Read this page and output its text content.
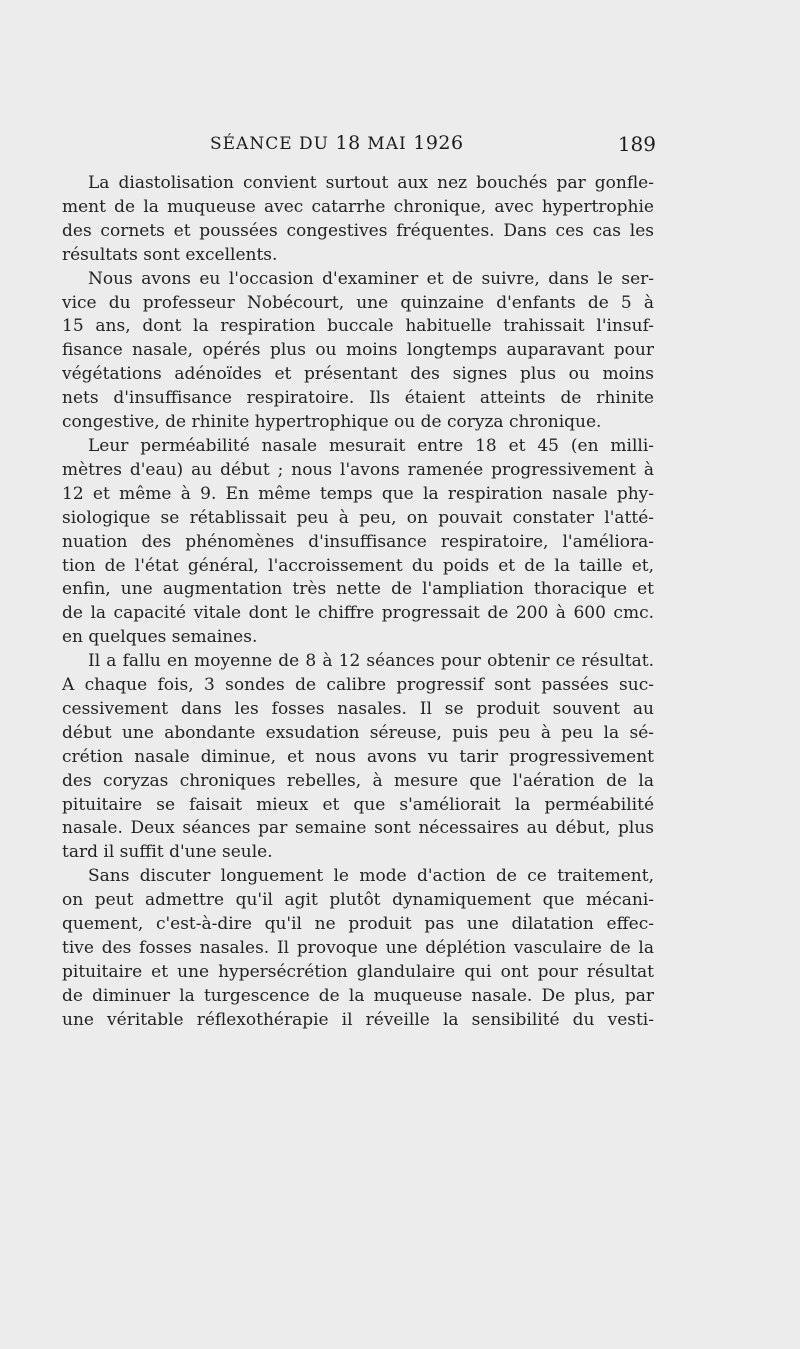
SÉANCE DU 18 MAI 1926	189
La diastolisation convient surtout aux nez bouchés par gonfle-
ment de la muqueuse avec catarrhe chronique, avec hypertrophie
des cornets et poussées congestives fréquentes. Dans ces cas les
résultats sont excellents.
Nous avons eu l'occasion d'examiner et de suivre, dans le ser-
vice du professeur Nobécourt, une quinzaine d'enfants de 5 à
15 ans, dont la respiration buccale habituelle trahissait l'insuf-
fisance nasale, opérés plus ou moins longtemps auparavant pour
végétations adénoïdes et présentant des signes plus ou moins
nets d'insuffisance respiratoire. Ils étaient atteints de rhinite
congestive, de rhinite hypertrophique ou de coryza chronique.
Leur perméabilité nasale mesurait entre 18 et 45 (en milli-
mètres d'eau) au début ; nous l'avons ramenée progressivement à
12 et même à 9. En même temps que la respiration nasale phy-
siologique se rétablissait peu à peu, on pouvait constater l'atté-
nuation des phénomènes d'insuffisance respiratoire, l'améliora-
tion de l'état général, l'accroissement du poids et de la taille et,
enfin, une augmentation très nette de l'ampliation thoracique et
de la capacité vitale dont le chiffre progressait de 200 à 600 cmc.
en quelques semaines.
Il a fallu en moyenne de 8 à 12 séances pour obtenir ce résultat.
A chaque fois, 3 sondes de calibre progressif sont passées suc-
cessivement dans les fosses nasales. Il se produit souvent au
début une abondante exsudation séreuse, puis peu à peu la sé-
crétion nasale diminue, et nous avons vu tarir progressivement
des coryzas chroniques rebelles, à mesure que l'aération de la
pituitaire se faisait mieux et que s'améliorait la perméabilité
nasale. Deux séances par semaine sont nécessaires au début, plus
tard il suffit d'une seule.
Sans discuter longuement le mode d'action de ce traitement,
on peut admettre qu'il agit plutôt dynamiquement que mécani-
quement, c'est-à-dire qu'il ne produit pas une dilatation effec-
tive des fosses nasales. Il provoque une déplétion vasculaire de la
pituitaire et une hypersécrétion glandulaire qui ont pour résultat
de diminuer la turgescence de la muqueuse nasale. De plus, par
une véritable réflexothérapie il réveille la sensibilité du vesti-
